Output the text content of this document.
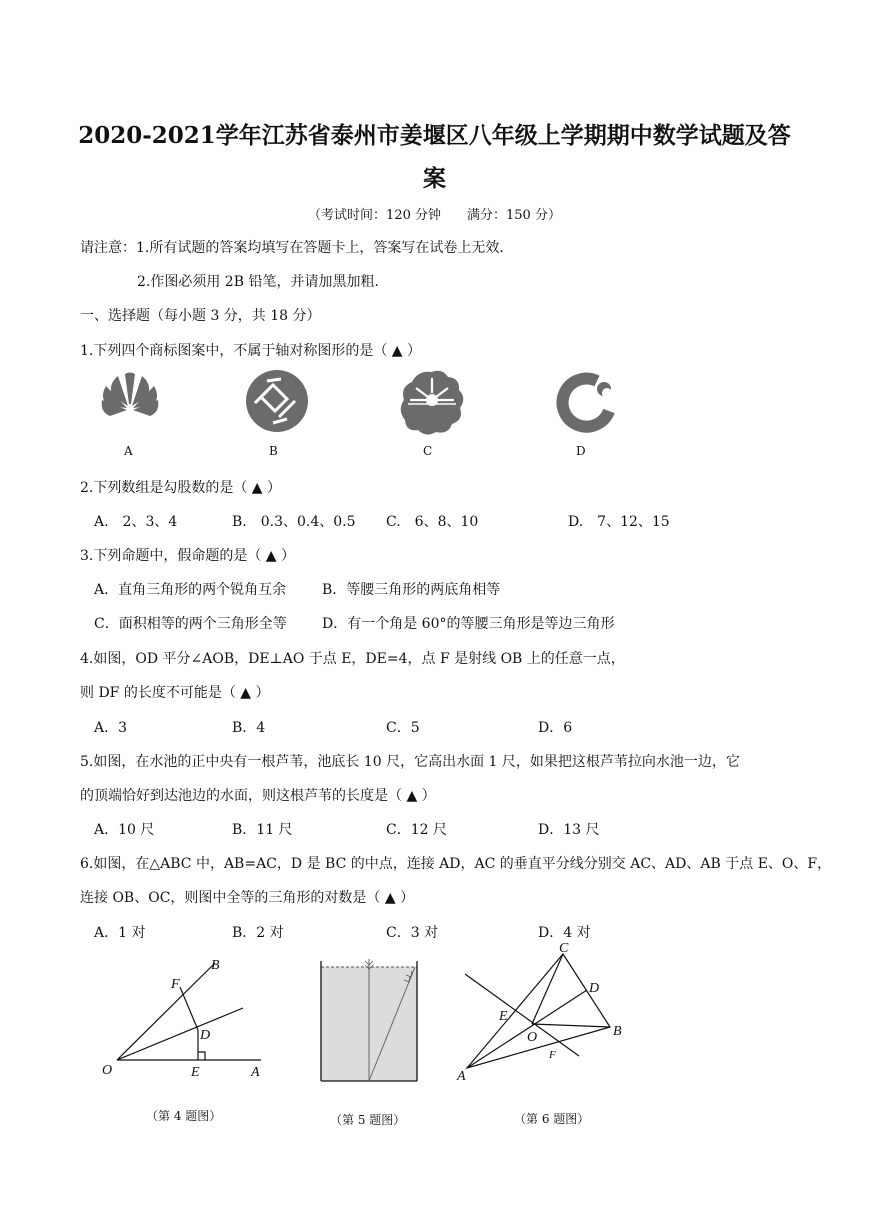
2020-2021学年江苏省泰州市姜堰区八年级上学期期中数学试题及答
案
（考试时间：120 分钟　　满分：150 分）
请注意：1.所有试题的答案均填写在答题卡上，答案写在试卷上无效．
2.作图必须用 2B 铅笔，并请加黑加粗．
一、选择题（每小题 3 分，共 18 分）
1.下列四个商标图案中，不属于轴对称图形的是（ ▲ ）
A	B	C	D
2.下列数组是勾股数的是（ ▲ ）
A.　2、3、4	B.　0.3、0.4、0.5 C.　6、8、10	D.　7、12、15
3.下列命题中，假命题的是（ ▲ ）
A．直角三角形的两个锐角互余	B．等腰三角形的两底角相等
C．面积相等的两个三角形全等	D．有一个角是 60°的等腰三角形是等边三角形
4.如图，OD 平分∠AOB，DE⊥AO 于点 E，DE=4，点 F 是射线 OB 上的任意一点，
则 DF 的长度不可能是（ ▲ ）
A．3	B．4	C．5	D．6
5.如图，在水池的正中央有一根芦苇，池底长 10 尺，它高出水面 1 尺，如果把这根芦苇拉向水池一边，它
的顶端恰好到达池边的水面，则这根芦苇的长度是（ ▲ ）
A．10 尺	B．11 尺	C．12 尺	D．13 尺
6.如图，在△ABC 中，AB=AC，D 是 BC 的中点，连接 AD，AC 的垂直平分线分别交 AC、AD、AB 于点 E、O、F，
连接 OB、OC，则图中全等的三角形的对数是（ ▲ ）
A．1 对	B．2 对	C．3 对	D．4 对
B
F
D
O	E	A
（第 4 题图）	（第 5 题图）
C
D
E
O	B
F
A
（第 6 题图）
